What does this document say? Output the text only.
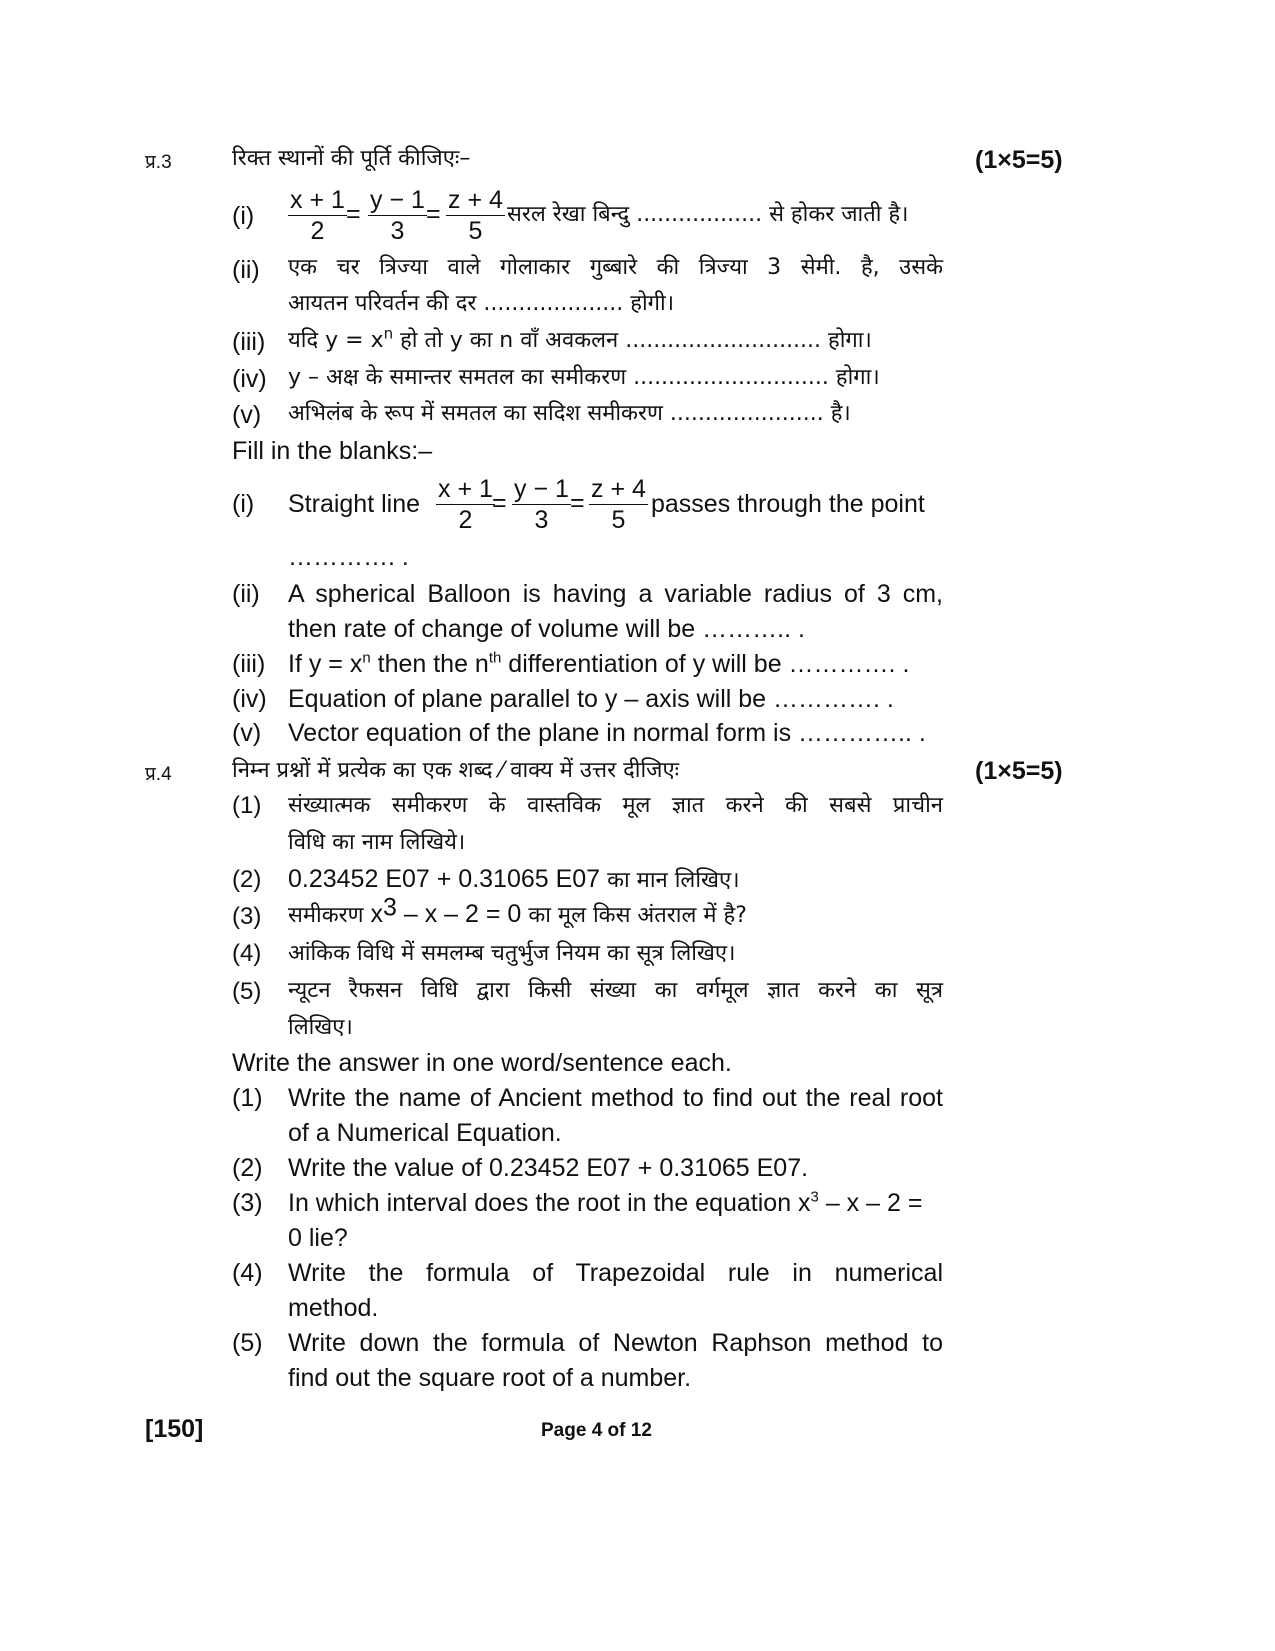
प्र.3	रिक्त स्थानों की पूर्ति कीजिएः–	(1×5=5)
$(i) \frac{x + 1}{2} = \frac{y - 1}{3} = \frac{z + 4}{5}$ सरल रेखा बिन्दु .................. से होकर जाती है।
(ii) एक चर त्रिज्या वाले गोलाकार गुब्बारे की त्रिज्या 3 सेमी. है, उसके
आयतन परिवर्तन की दर .................... होगी।
(iii) यदि $y = x^n$ हो तो y का n वाँ अवकलन ............................ होगा।
(iv) y – अक्ष के समान्तर समतल का समीकरण ............................ होगा।
(v) अभिलंब के रूप में समतल का सदिश समीकरण ...................... है।
Fill in the blanks:–
(i) Straight line $\frac{x + 1}{2}$
= $\frac{y - 1}{3} = \frac{z + 4}{5}$ passes through the point
…………. .
(ii) A spherical Balloon is having a variable radius of 3 cm,
then rate of change of volume will be ……….. .
(iii) If $y = x^n$ then the $n^{th}$ differentiation of y will be …………. .
(iv) Equation of plane parallel to y – axis will be …………. .
(v) Vector equation of the plane in normal form is ………….. .
प्र.4	निम्न प्रश्नों में प्रत्येक का एक शब्द ⁄ वाक्य में उत्तर दीजिएः	(1×5=5)
(1) संख्यात्मक समीकरण के वास्तविक मूल ज्ञात करने की सबसे प्राचीन
विधि का नाम लिखिये।
(2) 0.23452 E07 + 0.31065 E07 का मान लिखिए।
(3) समीकरण $x^3 - x - 2 = 0$ का मूल किस अंतराल में है?
(4) आंकिक विधि में समलम्ब चतुर्भुज नियम का सूत्र लिखिए।
(5) न्यूटन रैफसन विधि द्वारा किसी संख्या का वर्गमूल ज्ञात करने का सूत्र
लिखिए।
Write the answer in one word/sentence each.
(1) Write the name of Ancient method to find out the real root
of a Numerical Equation.
(2) Write the value of 0.23452 E07 + 0.31065 E07.
(3) In which interval does the root in the equation $x^3$ – x – 2 =
0 lie?
(4) Write the formula of Trapezoidal rule in numerical
method.
(5) Write down the formula of Newton Raphson method to
find out the square root of a number.
[150]	Page 4 of 12
